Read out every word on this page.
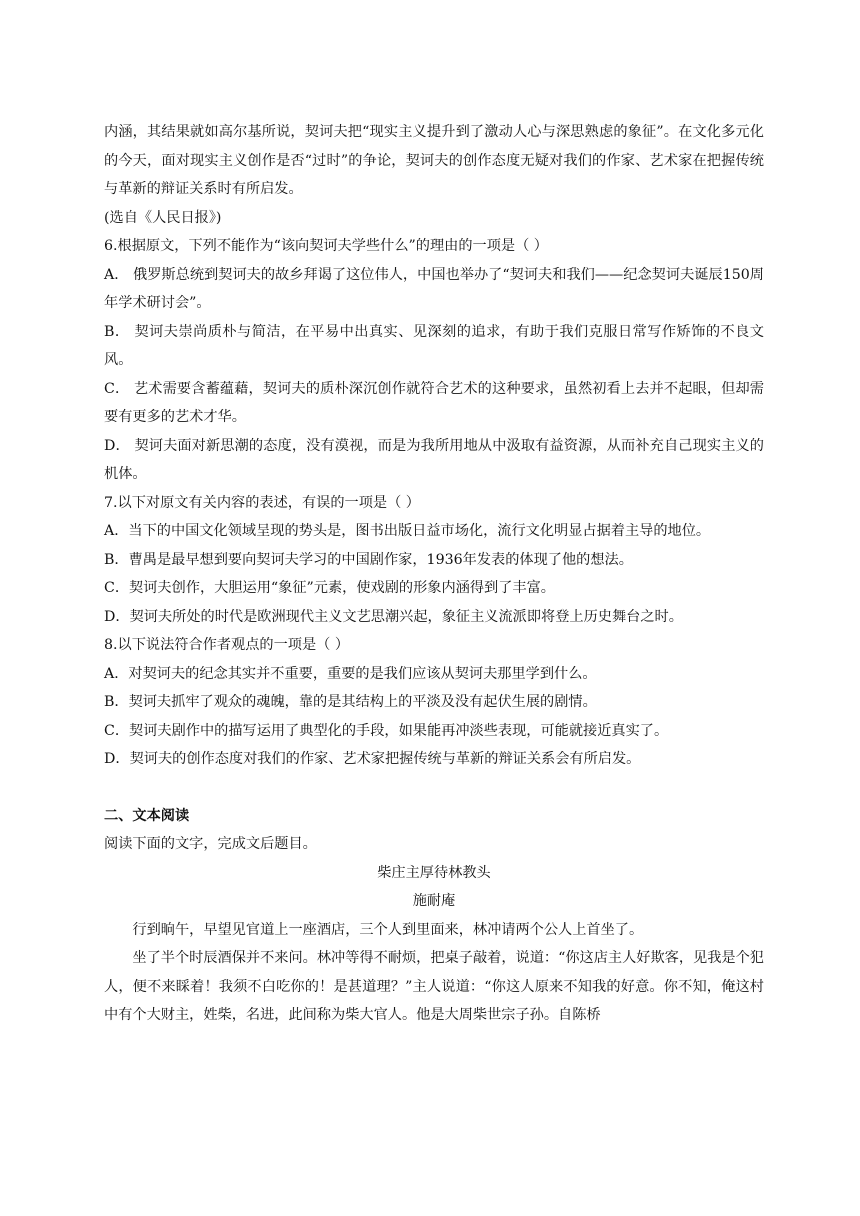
内涵，其结果就如高尔基所说，契诃夫把“现实主义提升到了激动人心与深思熟虑的象征”。在文化多元化的今天，面对现实主义创作是否“过时”的争论，契诃夫的创作态度无疑对我们的作家、艺术家在把握传统与革新的辩证关系时有所启发。

(选自《人民日报》)

6.根据原文，下列不能作为“该向契诃夫学些什么”的理由的一项是（ ）

A． 俄罗斯总统到契诃夫的故乡拜谒了这位伟人，中国也举办了“契诃夫和我们——纪念契诃夫诞辰150周年学术研讨会”。

B． 契诃夫崇尚质朴与简洁，在平易中出真实、见深刻的追求，有助于我们克服日常写作矫饰的不良文风。

C． 艺术需要含蓄蕴藉，契诃夫的质朴深沉创作就符合艺术的这种要求，虽然初看上去并不起眼，但却需要有更多的艺术才华。

D． 契诃夫面对新思潮的态度，没有漠视，而是为我所用地从中汲取有益资源，从而补充自己现实主义的机体。

7.以下对原文有关内容的表述，有误的一项是（ ）

A．当下的中国文化领域呈现的势头是，图书出版日益市场化，流行文化明显占据着主导的地位。

B．曹禺是最早想到要向契诃夫学习的中国剧作家，1936年发表的体现了他的想法。

C．契诃夫创作，大胆运用“象征”元素，使戏剧的形象内涵得到了丰富。

D．契诃夫所处的时代是欧洲现代主义文艺思潮兴起，象征主义流派即将登上历史舞台之时。

8.以下说法符合作者观点的一项是（ ）

A．对契诃夫的纪念其实并不重要，重要的是我们应该从契诃夫那里学到什么。

B．契诃夫抓牢了观众的魂魄，靠的是其结构上的平淡及没有起伏生展的剧情。

C．契诃夫剧作中的描写运用了典型化的手段，如果能再冲淡些表现，可能就接近真实了。

D．契诃夫的创作态度对我们的作家、艺术家把握传统与革新的辩证关系会有所启发。

二、文本阅读

阅读下面的文字，完成文后题目。

柴庄主厚待林教头

施耐庵

行到晌午，早望见官道上一座酒店，三个人到里面来，林冲请两个公人上首坐了。

坐了半个时辰酒保并不来问。林冲等得不耐烦，把桌子敲着，说道：“你这店主人好欺客，见我是个犯人，便不来睬着！我须不白吃你的！是甚道理？”主人说道：“你这人原来不知我的好意。你不知，俺这村中有个大财主，姓柴，名进，此间称为柴大官人。他是大周柴世宗子孙。自陈桥
